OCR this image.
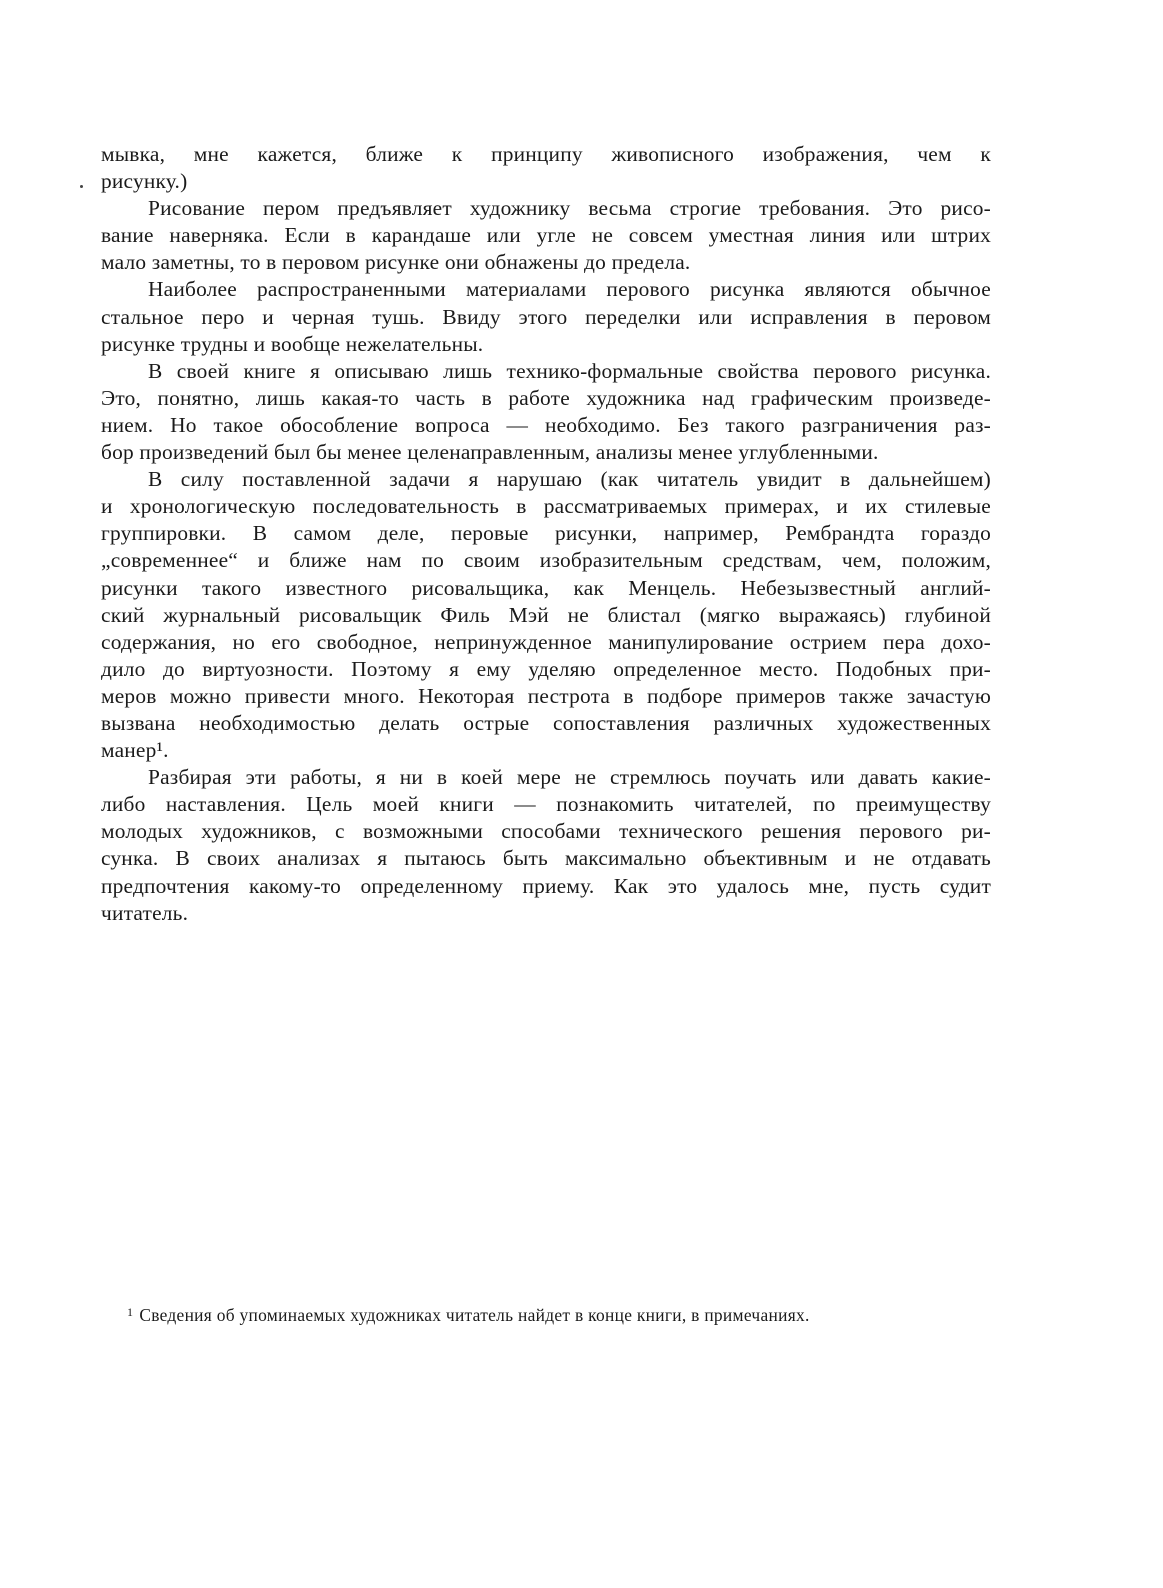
мывка, мне кажется, ближе к принципу живописного изображения, чем к
рисунку.)
Рисование пером предъявляет художнику весьма строгие требования. Это рисо-
вание наверняка. Если в карандаше или угле не совсем уместная линия или штрих
мало заметны, то в перовом рисунке они обнажены до предела.
Наиболее распространенными материалами перового рисунка являются обычное
стальное перо и черная тушь. Ввиду этого переделки или исправления в перовом
рисунке трудны и вообще нежелательны.
В своей книге я описываю лишь технико-формальные свойства перового рисунка.
Это, понятно, лишь какая-то часть в работе художника над графическим произведе-
нием. Но такое обособление вопроса — необходимо. Без такого разграничения раз-
бор произведений был бы менее целенаправленным, анализы менее углубленными.
В силу поставленной задачи я нарушаю (как читатель увидит в дальнейшем)
и хронологическую последовательность в рассматриваемых примерах, и их стилевые
группировки. В самом деле, перовые рисунки, например, Рембрандта гораздо
„современнее“ и ближе нам по своим изобразительным средствам, чем, положим,
рисунки такого известного рисовальщика, как Менцель. Небезызвестный англий-
ский журнальный рисовальщик Филь Мэй не блистал (мягко выражаясь) глубиной
содержания, но его свободное, непринужденное манипулирование острием пера дохо-
дило до виртуозности. Поэтому я ему уделяю определенное место. Подобных при-
меров можно привести много. Некоторая пестрота в подборе примеров также зачастую
вызвана необходимостью делать острые сопоставления различных художественных
манер¹.
Разбирая эти работы, я ни в коей мере не стремлюсь поучать или давать какие-
либо наставления. Цель моей книги — познакомить читателей, по преимуществу
молодых художников, с возможными способами технического решения перового ри-
сунка. В своих анализах я пытаюсь быть максимально объективным и не отдавать
предпочтения какому-то определенному приему. Как это удалось мне, пусть судит
читатель.
$^1$ Сведения об упоминаемых художниках читатель найдет в конце книги, в примечаниях.
